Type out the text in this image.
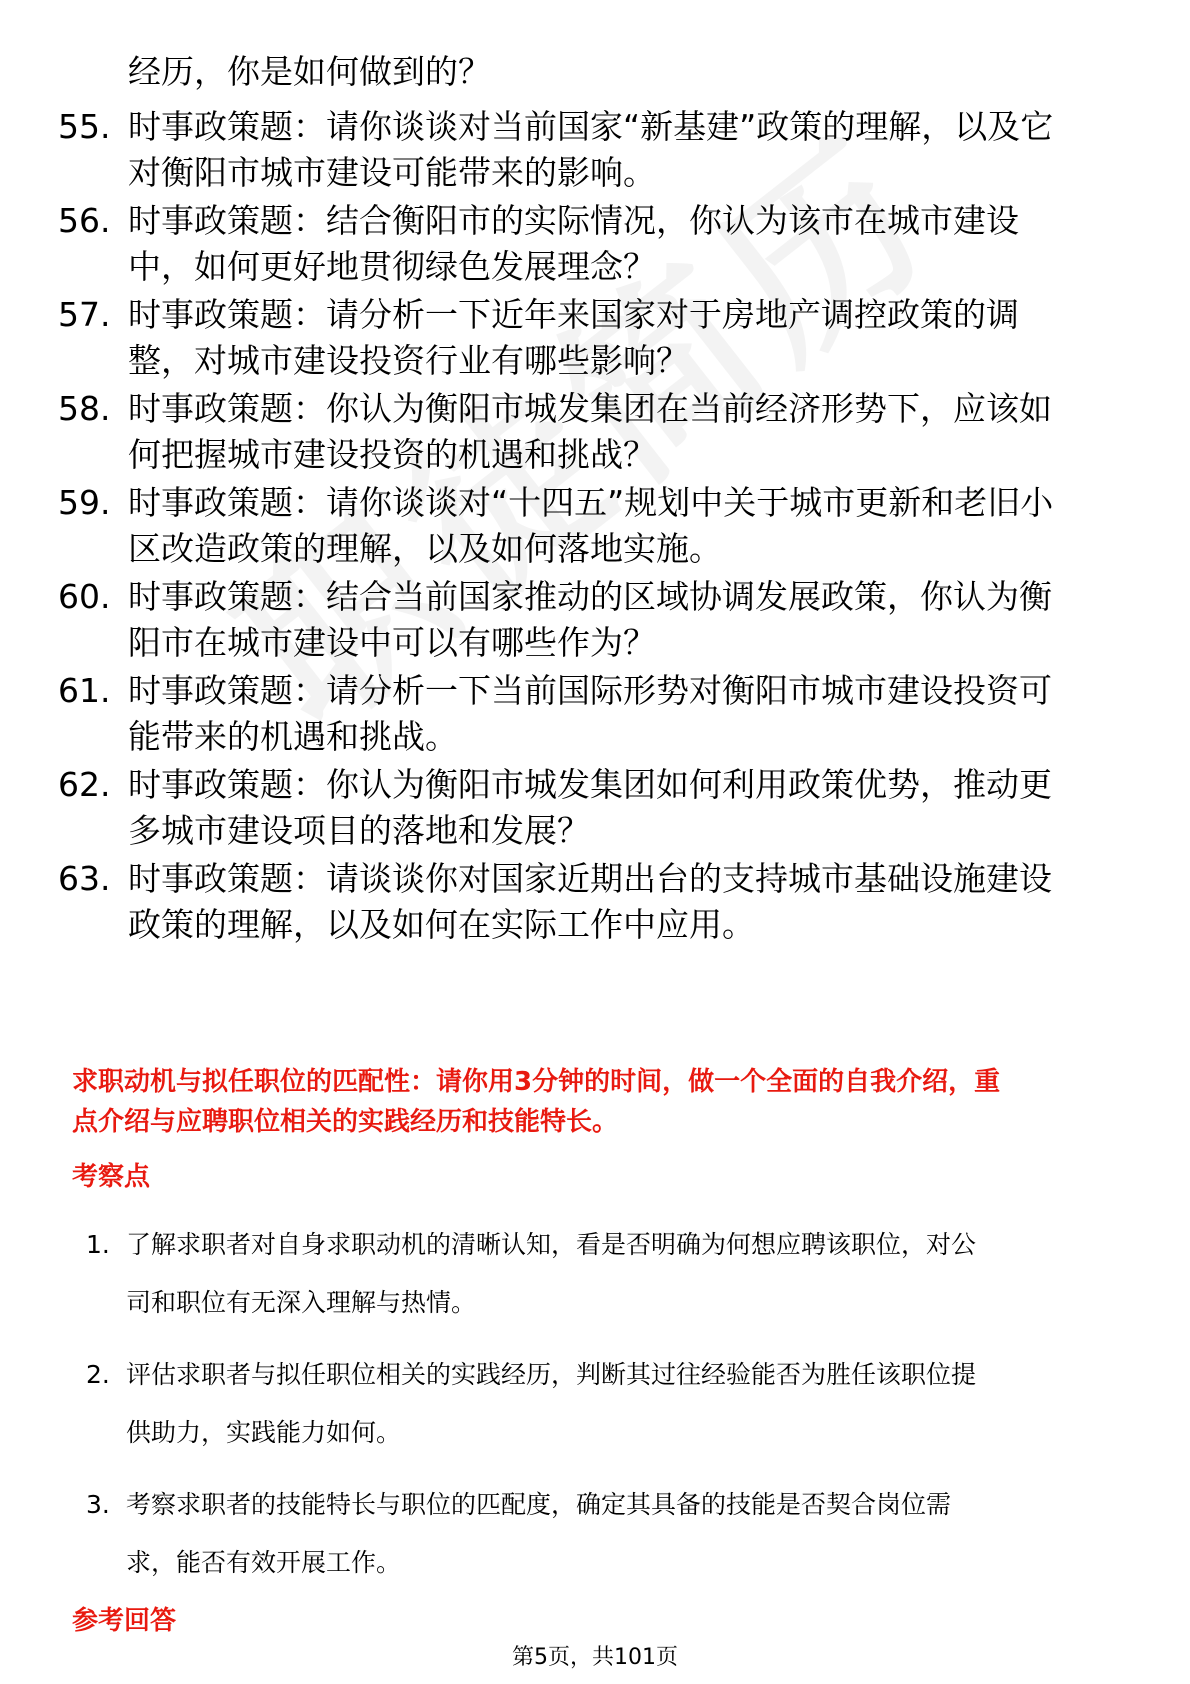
经历，你是如何做到的？
55. 时事政策题：请你谈谈对当前国家“新基建”政策的理解，以及它
对衡阳市城市建设可能带来的影响。
56. 时事政策题：结合衡阳市的实际情况，你认为该市在城市建设
中，如何更好地贯彻绿色发展理念？
57. 时事政策题：请分析一下近年来国家对于房地产调控政策的调
整，对城市建设投资行业有哪些影响？
58. 时事政策题：你认为衡阳市城发集团在当前经济形势下，应该如
何把握城市建设投资的机遇和挑战？
59. 时事政策题：请你谈谈对“十四五”规划中关于城市更新和老旧小
区改造政策的理解，以及如何落地实施。
60. 时事政策题：结合当前国家推动的区域协调发展政策，你认为衡
阳市在城市建设中可以有哪些作为？
61. 时事政策题：请分析一下当前国际形势对衡阳市城市建设投资可
能带来的机遇和挑战。
62. 时事政策题：你认为衡阳市城发集团如何利用政策优势，推动更
多城市建设项目的落地和发展？
63. 时事政策题：请谈谈你对国家近期出台的支持城市基础设施建设
政策的理解，以及如何在实际工作中应用。
求职动机与拟任职位的匹配性：请你用3分钟的时间，做一个全面的自我介绍，重
点介绍与应聘职位相关的实践经历和技能特长。
考察点
1. 了解求职者对自身求职动机的清晰认知，看是否明确为何想应聘该职位，对公
司和职位有无深入理解与热情。
2. 评估求职者与拟任职位相关的实践经历，判断其过往经验能否为胜任该职位提
供助力，实践能力如何。
3. 考察求职者的技能特长与职位的匹配度，确定其具备的技能是否契合岗位需
求，能否有效开展工作。
参考回答
第5页，共101页
